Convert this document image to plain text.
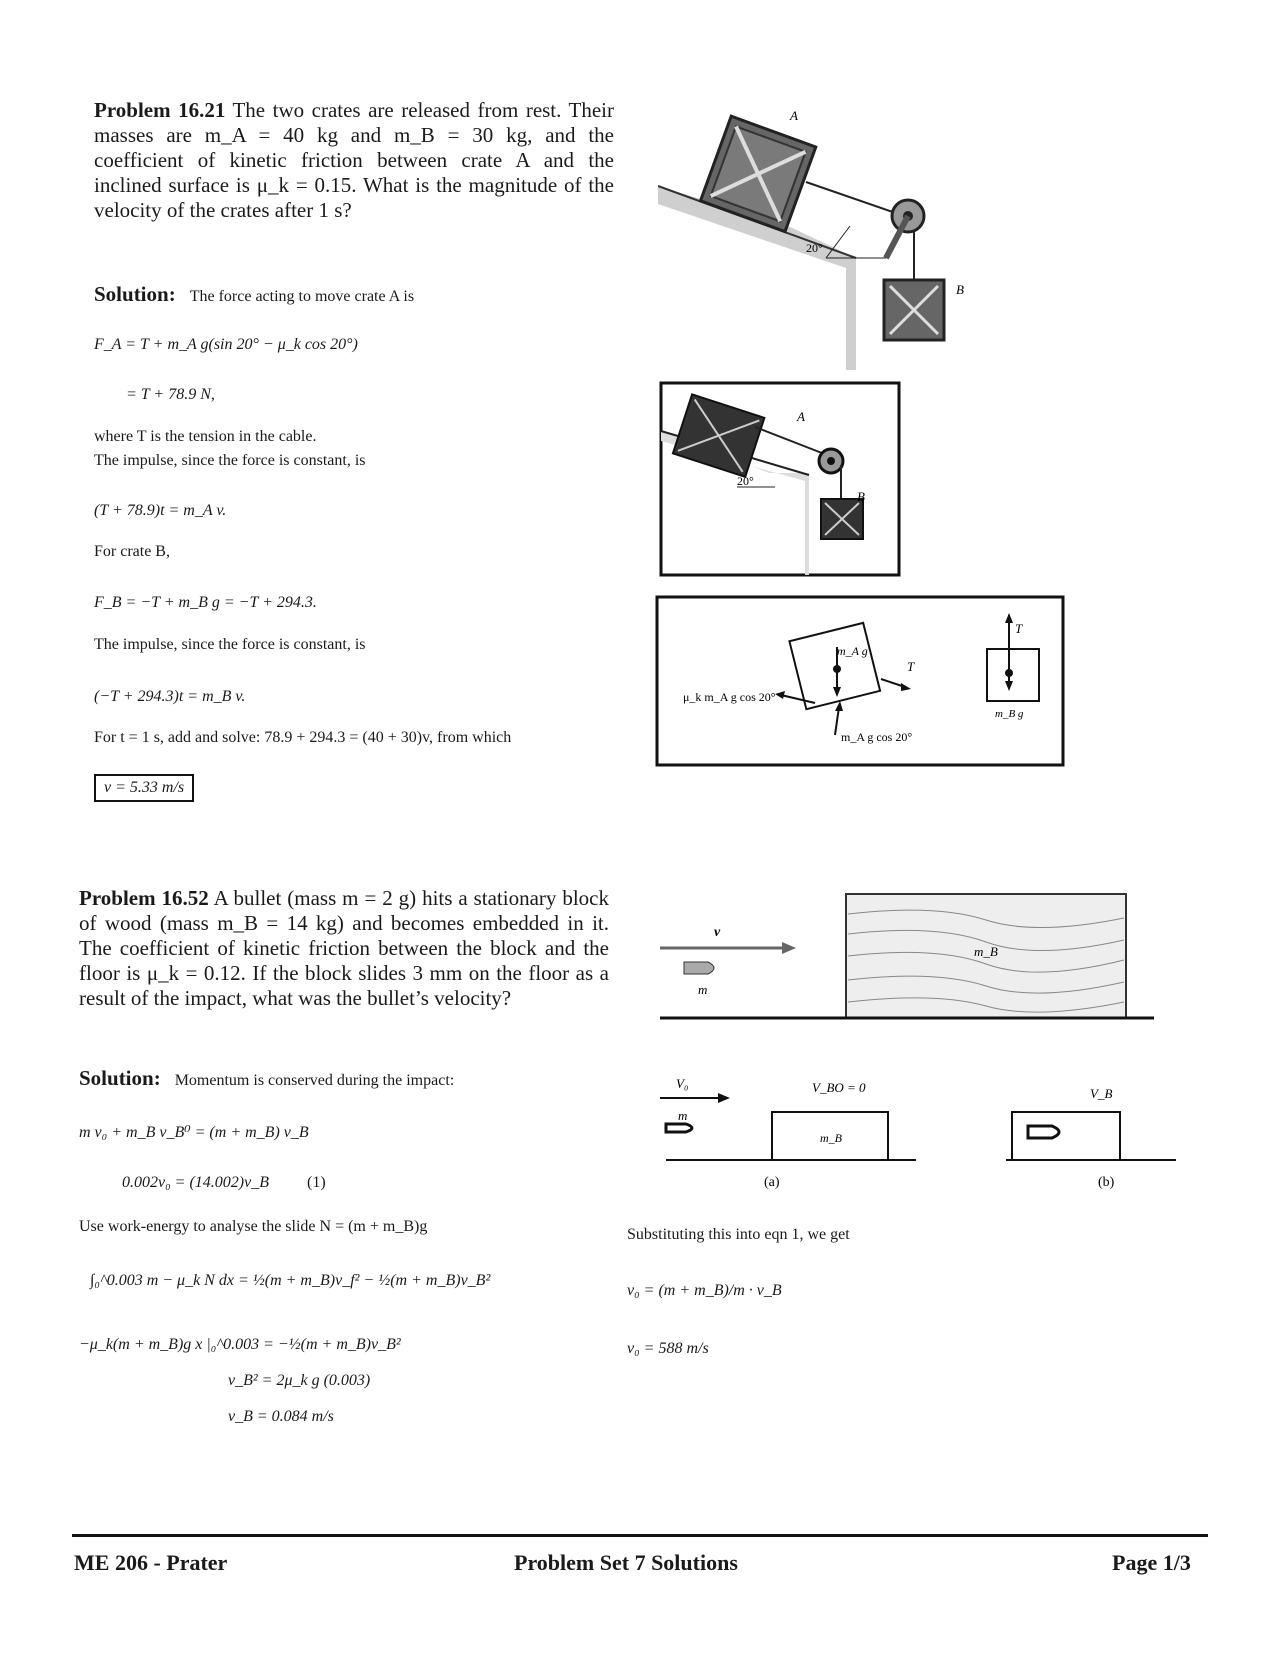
Problem 16.21 The two crates are released from rest. Their masses are m_A = 40 kg and m_B = 30 kg, and the coefficient of kinetic friction between crate A and the inclined surface is μ_k = 0.15. What is the magnitude of the velocity of the crates after 1 s?
Solution: The force acting to move crate A is
F_A = T + m_A g(sin 20° − μ_k cos 20°)
= T + 78.9 N,
where T is the tension in the cable.
The impulse, since the force is constant, is
(T + 78.9)t = m_A v.
For crate B,
F_B = −T + m_B g = −T + 294.3.
The impulse, since the force is constant, is
(−T + 294.3)t = m_B v.
For t = 1 s, add and solve: 78.9 + 294.3 = (40 + 30)v, from which
v = 5.33 m/s
A
B
20°
A
B
20°
m_A g
T
μ_k m_A g cos 20°
m_A g cos 20°
T
m_B g
Problem 16.52 A bullet (mass m = 2 g) hits a stationary block of wood (mass m_B = 14 kg) and becomes embedded in it. The coefficient of kinetic friction between the block and the floor is μ_k = 0.12. If the block slides 3 mm on the floor as a result of the impact, what was the bullet’s velocity?
Solution: Momentum is conserved during the impact:
m v₀ + m_B v_B⁰ = (m + m_B) v_B
0.002v₀ = (14.002)v_B (1)
Use work-energy to analyse the slide N = (m + m_B)g
∫₀^0.003 m − μ_k N dx = ½(m + m_B)v_f² − ½(m + m_B)v_B²
−μ_k(m + m_B)g x |₀^0.003 = −½(m + m_B)v_B²
v_B² = 2μ_k g (0.003)
v_B = 0.084 m/s
Substituting this into eqn 1, we get
v₀ = (m + m_B)/m · v_B
v₀ = 588 m/s
v
m
m_B
V₀
m
V_BO = 0
m_B
V_B
(a)	(b)
ME 206 - Prater	Problem Set 7 Solutions	Page 1/3
